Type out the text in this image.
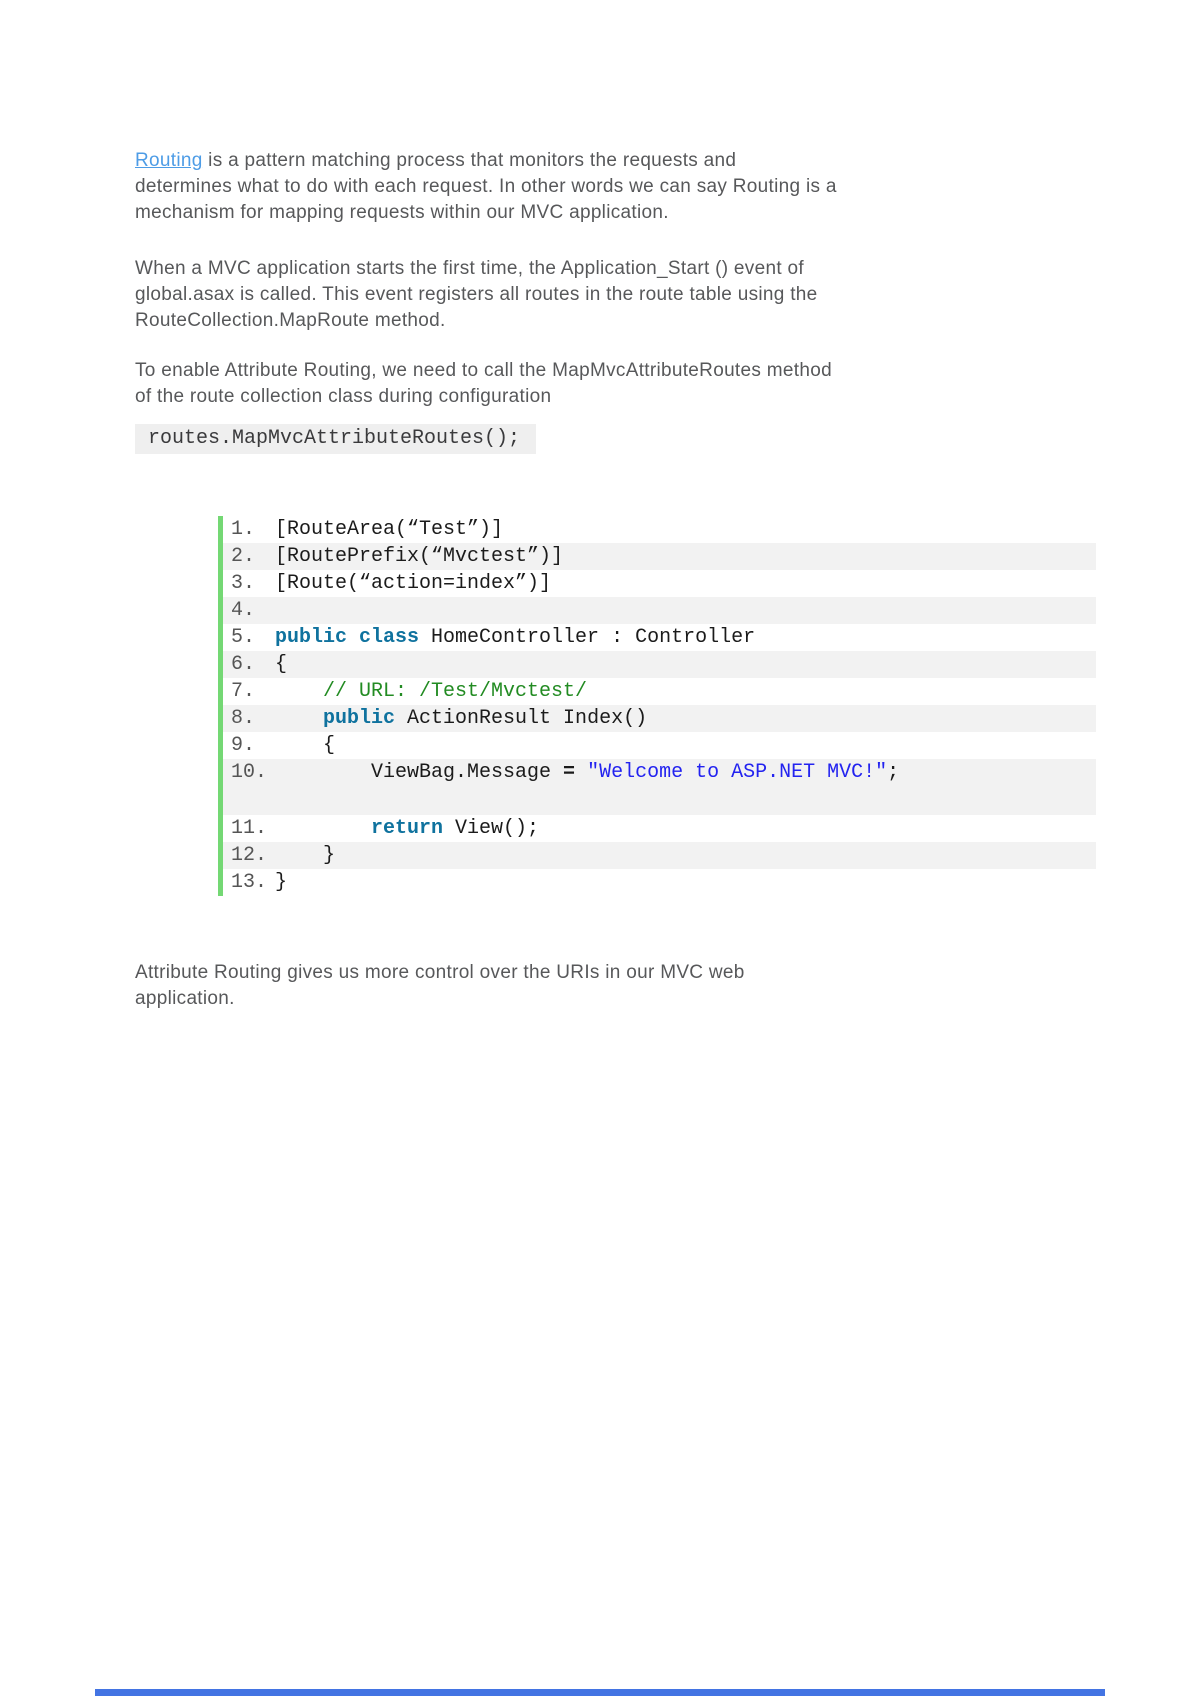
Routing is a pattern matching process that monitors the requests and
determines what to do with each request. In other words we can say Routing is a
mechanism for mapping requests within our MVC application.

When a MVC application starts the first time, the Application_Start () event of
global.asax is called. This event registers all routes in the route table using the
RouteCollection.MapRoute method.

To enable Attribute Routing, we need to call the MapMvcAttributeRoutes method
of the route collection class during configuration

routes.MapMvcAttributeRoutes();
1. [RouteArea(“Test”)]
2. [RoutePrefix(“Mvctest”)]
3. [Route(“action=index”)]
4.
5. public class HomeController : Controller
6. {
7. // URL: /Test/Mvctest/
8.	public ActionResult Index()
9. {
10. ViewBag.Message = "Welcome to ASP.NET MVC!";
11.	return View();
12. }
13. }

Attribute Routing gives us more control over the URIs in our MVC web
application.
